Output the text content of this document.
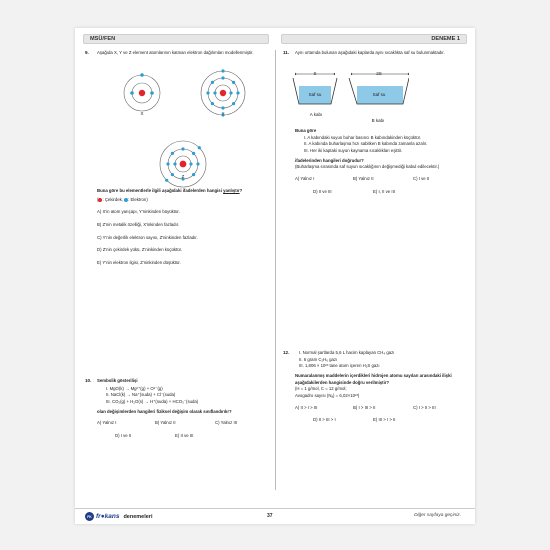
MSÜ/FEN	DENEME 1
9. Aşağıda X, Y ve Z element atomlarının katman elektron dağılımları modellenmiştir.
X	Y
Z
Buna göre bu elementlerle ilgili aşağıdaki ifadelerden hangisi yanlıştır?
: Çekirdek, : Elektron)
A) X'in atom yarıçapı, Y'ninkinden büyüktür.
B) Z'nin metalik özelliği, X'inkinden fazladır.
C) Y'nin değerlik elektron sayısı, Z'ninkinden fazladır.
D) Z'nin çekirdek yükü, Z'ninkinden küçüktür.
E) Y'nin elektron ilgisi, Z'ninkinden düşüktür.
10. Sembolik gösterilişi
I. MgO(k) → Mg²⁺(g) + O²⁻(g)
II. NaCl(k) → Na⁺(suda) + Cl⁻(suda)
III. CO₂(g) + H₂O(s) → H⁺(suda) + HCO₃⁻(suda)
olan değişimlerden hangileri fiziksel değişim olarak sınıflandırılır?
A) Yalnız I	B) Yalnız II	C) Yalnız III
D) I ve II	E) II ve III
11. Aynı ortamda bulunan aşağıdaki kaplarda aynı sıcaklıkta saf su bulunmaktadır.
S	2S
Saf su	Saf su
A kabı
B kabı
Buna göre
I. A kabındaki suyun buhar basıncı B kabındakinden küçüktür.
II. A kabında buharlaşma hızı sabitken B kabında zamanla azalır.
III. Her iki kaptaki suyun kaynama sıcaklıkları eşittir.
ifadelerinden hangileri doğrudur?
(Buharlaşma sırasında saf suyun sıcaklığının değişmediği kabul edilecektir.)
A) Yalnız I	B) Yalnız II	C) I ve II
D) II ve III	E) I, II ve III
12.	I. Normal şartlarda 5,6 L hacim kaplayan CH₄ gazı
II. 6 gram C₂H₆ gazı
III. 1,806 × 10²³ tane atom içeren H₂S gazı
Numaralanmış maddelerin içerdikleri hidrojen atomu sayıları arasındaki ilişki aşağıdakilerden hangisinde doğru verilmiştir?
(H = 1 g/mol, C = 12 g/mol;
Avogadro sayısı (Nₐ) = 6,02×10²³)
A) II > I > III	B) I > III > II	C) I > II > III
D) II > III > I	E) III > I > II
FK fr●kans denemeleri	37	Diğer sayfaya geçiniz.
